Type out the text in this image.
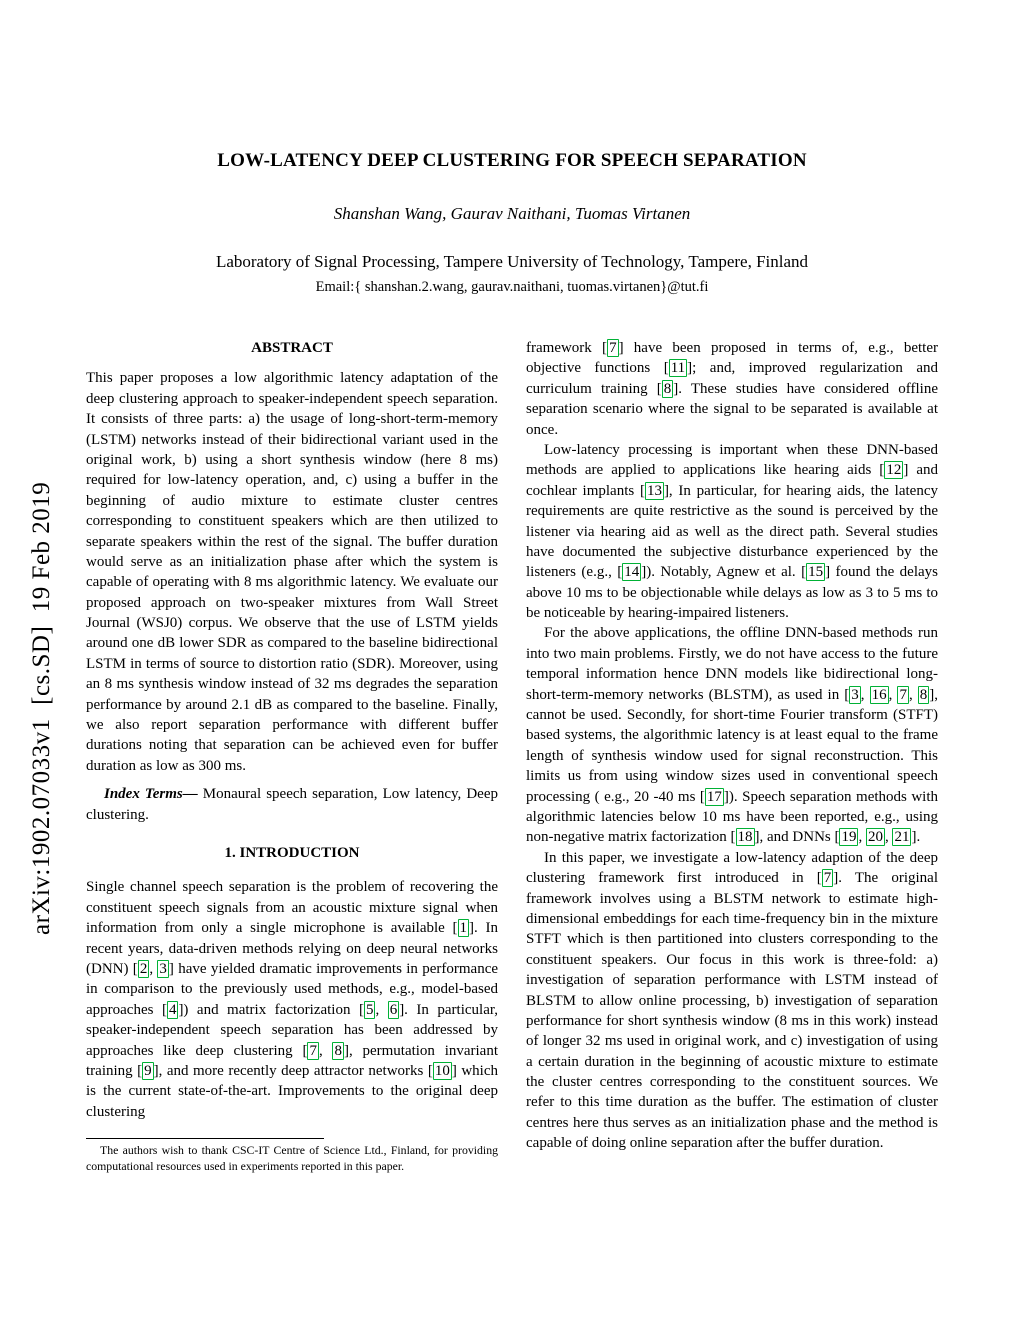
arXiv:1902.07033v1  [cs.SD]  19 Feb 2019
LOW-LATENCY DEEP CLUSTERING FOR SPEECH SEPARATION
Shanshan Wang, Gaurav Naithani, Tuomas Virtanen
Laboratory of Signal Processing, Tampere University of Technology, Tampere, Finland
Email:{ shanshan.2.wang, gaurav.naithani, tuomas.virtanen}@tut.fi
ABSTRACT

This paper proposes a low algorithmic latency adaptation of the deep clustering approach to speaker-independent speech separation. It consists of three parts: a) the usage of long-short-term-memory (LSTM) networks instead of their bidirectional variant used in the original work, b) using a short synthesis window (here 8 ms) required for low-latency operation, and, c) using a buffer in the beginning of audio mixture to estimate cluster centres corresponding to constituent speakers which are then utilized to separate speakers within the rest of the signal. The buffer duration would serve as an initialization phase after which the system is capable of operating with 8 ms algorithmic latency. We evaluate our proposed approach on two-speaker mixtures from Wall Street Journal (WSJ0) corpus. We observe that the use of LSTM yields around one dB lower SDR as compared to the baseline bidirectional LSTM in terms of source to distortion ratio (SDR). Moreover, using an 8 ms synthesis window instead of 32 ms degrades the separation performance by around 2.1 dB as compared to the baseline. Finally, we also report separation performance with different buffer durations noting that separation can be achieved even for buffer duration as low as 300 ms.

Index Terms— Monaural speech separation, Low latency, Deep clustering.

1. INTRODUCTION

Single channel speech separation is the problem of recovering the constituent speech signals from an acoustic mixture signal when information from only a single microphone is available [ 1 ]. In recent years, data-driven methods relying on deep neural networks (DNN) [ 2 , 3 ] have yielded dramatic improvements in performance in comparison to the previously used methods, e.g., model-based approaches [ 4 ]) and matrix factorization [ 5 , 6 ]. In particular, speaker-independent speech separation has been addressed by approaches like deep clustering [ 7 , 8 ], permutation invariant training [ 9 ], and more recently deep attractor networks [ 10 ] which is the current state-of-the-art. Improvements to the original deep clustering

The authors wish to thank CSC-IT Centre of Science Ltd., Finland, for providing computational resources used in experiments reported in this paper.

framework [ 7 ] have been proposed in terms of, e.g., better objective functions [ 11 ]; and, improved regularization and curriculum training [ 8 ]. These studies have considered offline separation scenario where the signal to be separated is available at once.

Low-latency processing is important when these DNN-based methods are applied to applications like hearing aids [ 12 ] and cochlear implants [ 13 ], In particular, for hearing aids, the latency requirements are quite restrictive as the sound is perceived by the listener via hearing aid as well as the direct path. Several studies have documented the subjective disturbance experienced by the listeners (e.g., [ 14 ]). Notably, Agnew et al. [ 15 ] found the delays above 10 ms to be objectionable while delays as low as 3 to 5 ms to be noticeable by hearing-impaired listeners.

For the above applications, the offline DNN-based methods run into two main problems. Firstly, we do not have access to the future temporal information hence DNN models like bidirectional long-short-term-memory networks (BLSTM), as used in [ 3 , 16 , 7 , 8 ], cannot be used. Secondly, for short-time Fourier transform (STFT) based systems, the algorithmic latency is at least equal to the frame length of synthesis window used for signal reconstruction. This limits us from using window sizes used in conventional speech processing ( e.g., 20 -40 ms [ 17 ]). Speech separation methods with algorithmic latencies below 10 ms have been reported, e.g., using non-negative matrix factorization [ 18 ], and DNNs [ 19 , 20 , 21 ].

In this paper, we investigate a low-latency adaption of the deep clustering framework first introduced in [ 7 ]. The original framework involves using a BLSTM network to estimate high-dimensional embeddings for each time-frequency bin in the mixture STFT which is then partitioned into clusters corresponding to the constituent speakers. Our focus in this work is three-fold: a) investigation of separation performance with LSTM instead of BLSTM to allow online processing, b) investigation of separation performance for short synthesis window (8 ms in this work) instead of longer 32 ms used in original work, and c) investigation of using a certain duration in the beginning of acoustic mixture to estimate the cluster centres corresponding to the constituent sources. We refer to this time duration as the buffer. The estimation of cluster centres here thus serves as an initialization phase and the method is capable of doing online separation after the buffer duration.
